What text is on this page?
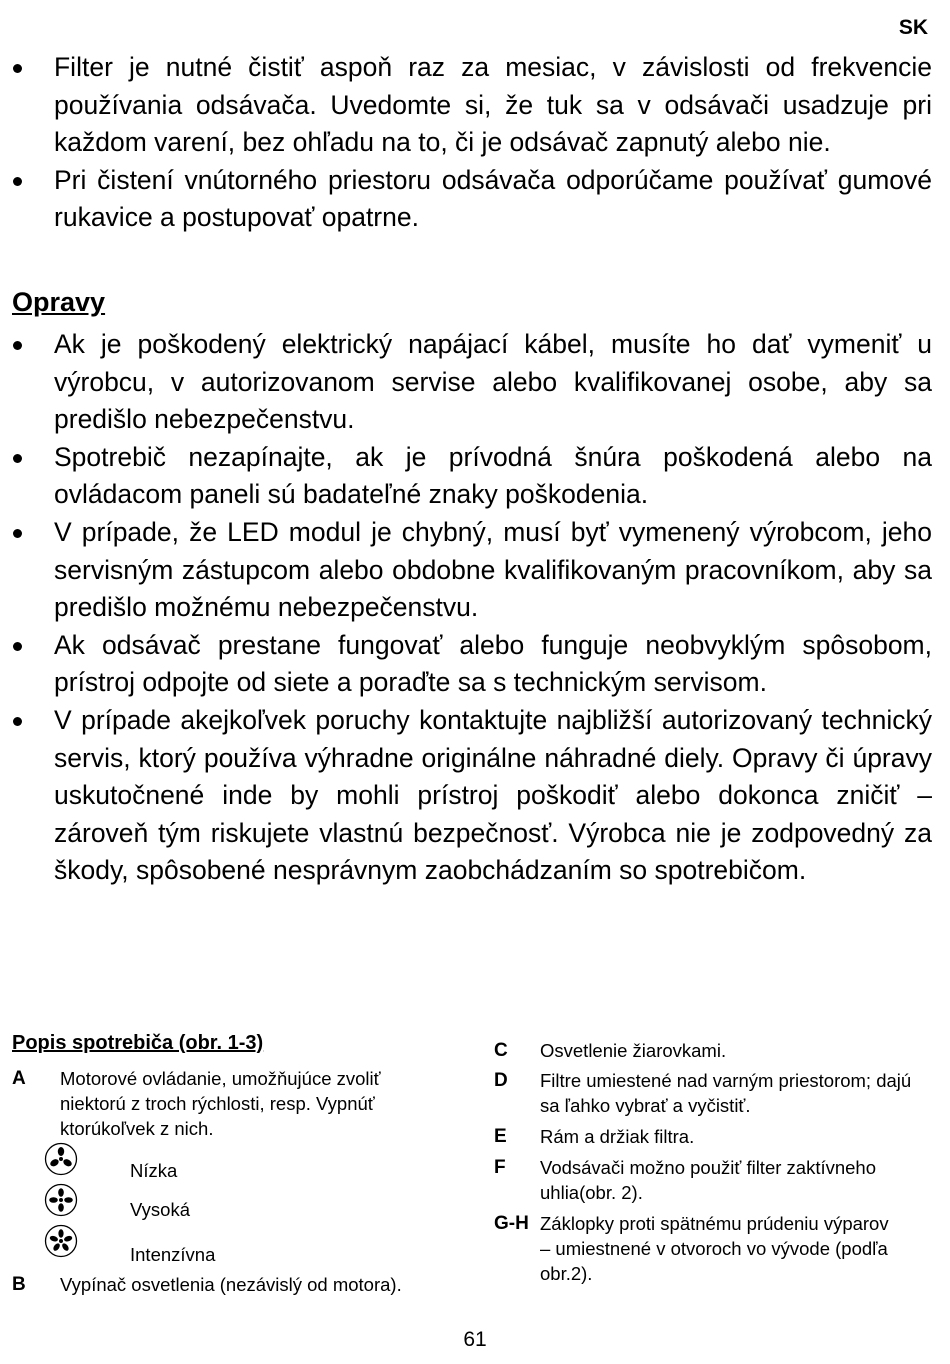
SK
Filter je nutné čistiť aspoň raz za mesiac, v závislosti od frekvencie používania odsávača. Uvedomte si, že tuk sa v odsávači usadzuje pri každom varení, bez ohľadu na to, či je odsávač zapnutý alebo nie.
Pri čistení vnútorného priestoru odsávača odporúčame používať gumové rukavice a postupovať opatrne.
Opravy
Ak je poškodený elektrický napájací kábel, musíte ho dať vymeniť u výrobcu, v autorizovanom servise alebo kvalifikovanej osobe, aby sa predišlo nebezpečenstvu.
Spotrebič nezapínajte, ak je prívodná šnúra poškodená alebo na ovládacom paneli sú badateľné znaky poškodenia.
V prípade, že LED modul je chybný, musí byť vymenený výrobcom, jeho servisným zástupcom alebo obdobne kvalifikovaným pracovníkom, aby sa predišlo možnému nebezpečenstvu.
Ak odsávač prestane fungovať alebo funguje neobvyklým spôsobom, prístroj odpojte od siete a poraďte sa s technickým servisom.
V prípade akejkoľvek poruchy kontaktujte najbližší autorizovaný technický servis, ktorý používa výhradne originálne náhradné diely. Opravy či úpravy uskutočnené inde by mohli prístroj poškodiť alebo dokonca zničiť – zároveň tým riskujete vlastnú bezpečnosť. Výrobca nie je zodpovedný za škody, spôsobené nesprávnym zaobchádzaním so spotrebičom.
Popis spotrebiča (obr. 1-3)
A Motorové ovládanie, umožňujúce zvoliť niektorú z troch rýchlosti, resp. Vypnúť ktorúkoľvek z nich.
Nízka
Vysoká
Intenzívna
B Vypínač osvetlenia (nezávislý od motora).
C Osvetlenie žiarovkami.
D Filtre umiestené nad varným priestorom; dajú sa ľahko vybrať a vyčistiť.
E Rám a držiak filtra.
F Vodsávači možno použiť filter zaktívneho uhlia(obr. 2).
G-H Záklopky proti spätnému prúdeniu výparov – umiestnené v otvoroch vo vývode (podľa obr.2).
61
